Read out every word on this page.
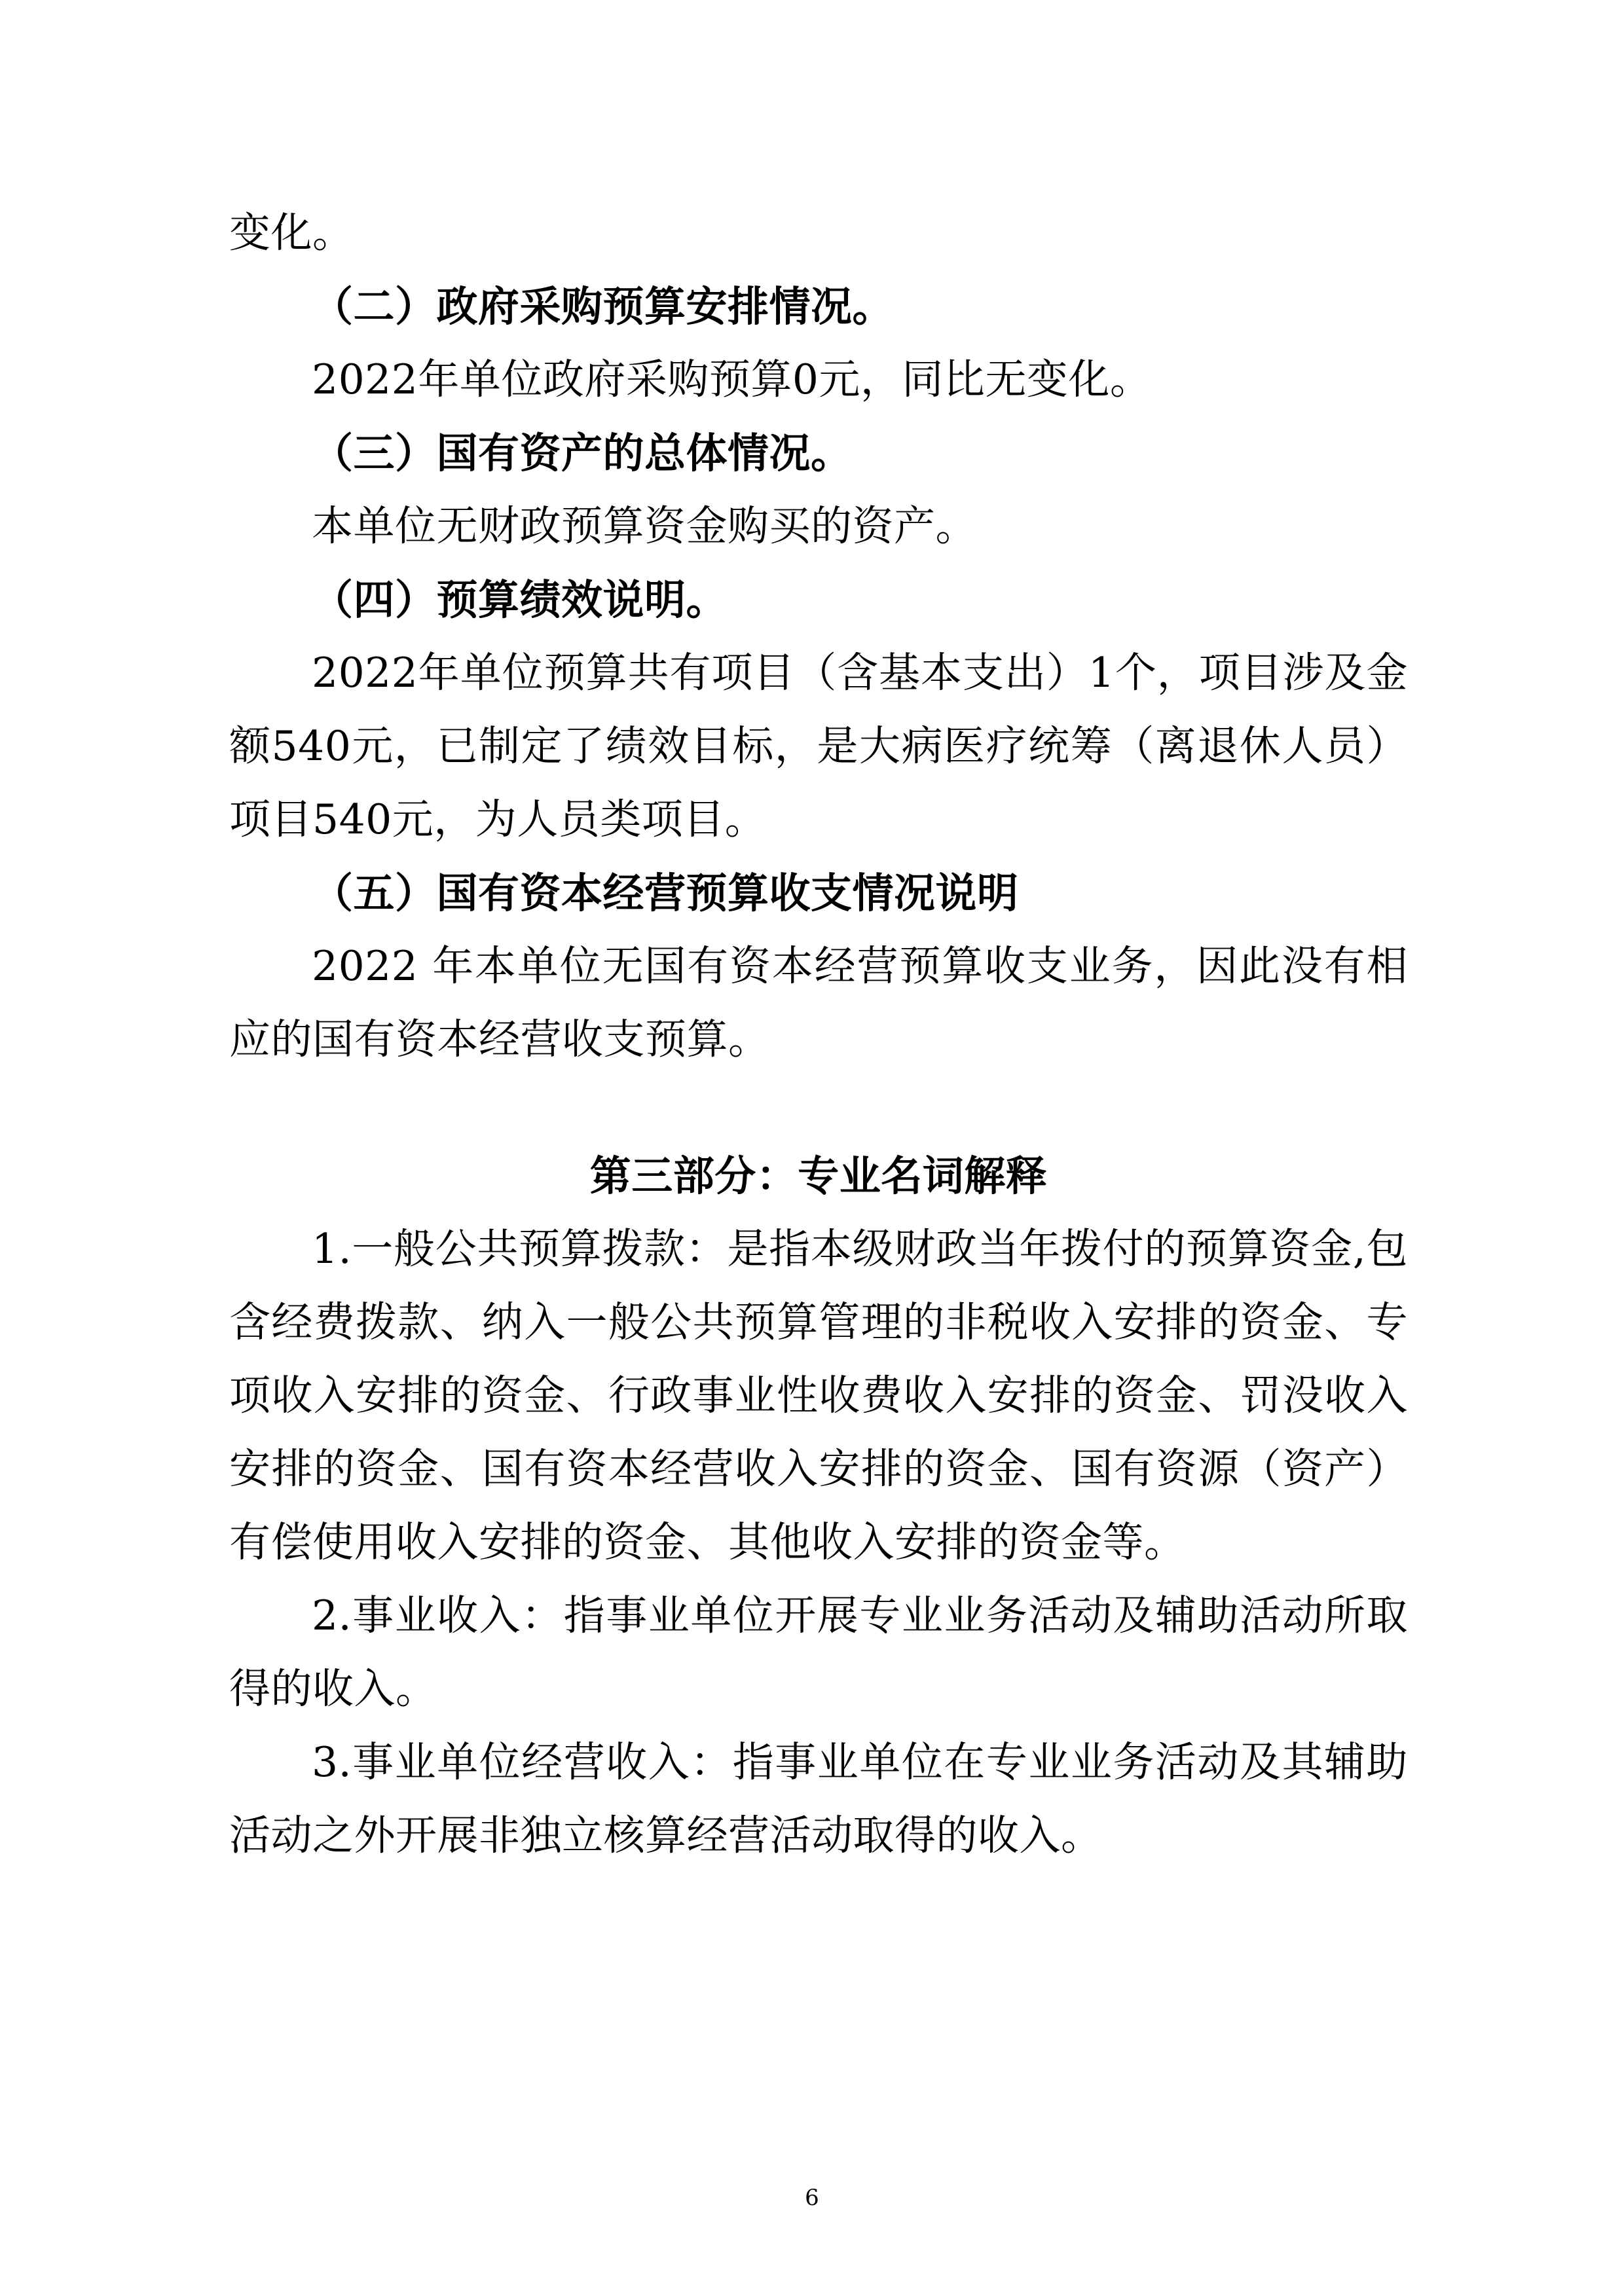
变化。

（二）政府采购预算安排情况。

2022年单位政府采购预算0元，同比无变化。

（三）国有资产的总体情况。

本单位无财政预算资金购买的资产。

（四）预算绩效说明。

2022年单位预算共有项目（含基本支出）1个，项目涉及金额540元，已制定了绩效目标，是大病医疗统筹（离退休人员）项目540元，为人员类项目。

（五）国有资本经营预算收支情况说明

2022 年本单位无国有资本经营预算收支业务，因此没有相应的国有资本经营收支预算。

第三部分：专业名词解释

1.一般公共预算拨款：是指本级财政当年拨付的预算资金,包含经费拨款、纳入一般公共预算管理的非税收入安排的资金、专项收入安排的资金、行政事业性收费收入安排的资金、罚没收入安排的资金、国有资本经营收入安排的资金、国有资源（资产）有偿使用收入安排的资金、其他收入安排的资金等。

2.事业收入：指事业单位开展专业业务活动及辅助活动所取得的收入。

3.事业单位经营收入：指事业单位在专业业务活动及其辅助活动之外开展非独立核算经营活动取得的收入。

6
